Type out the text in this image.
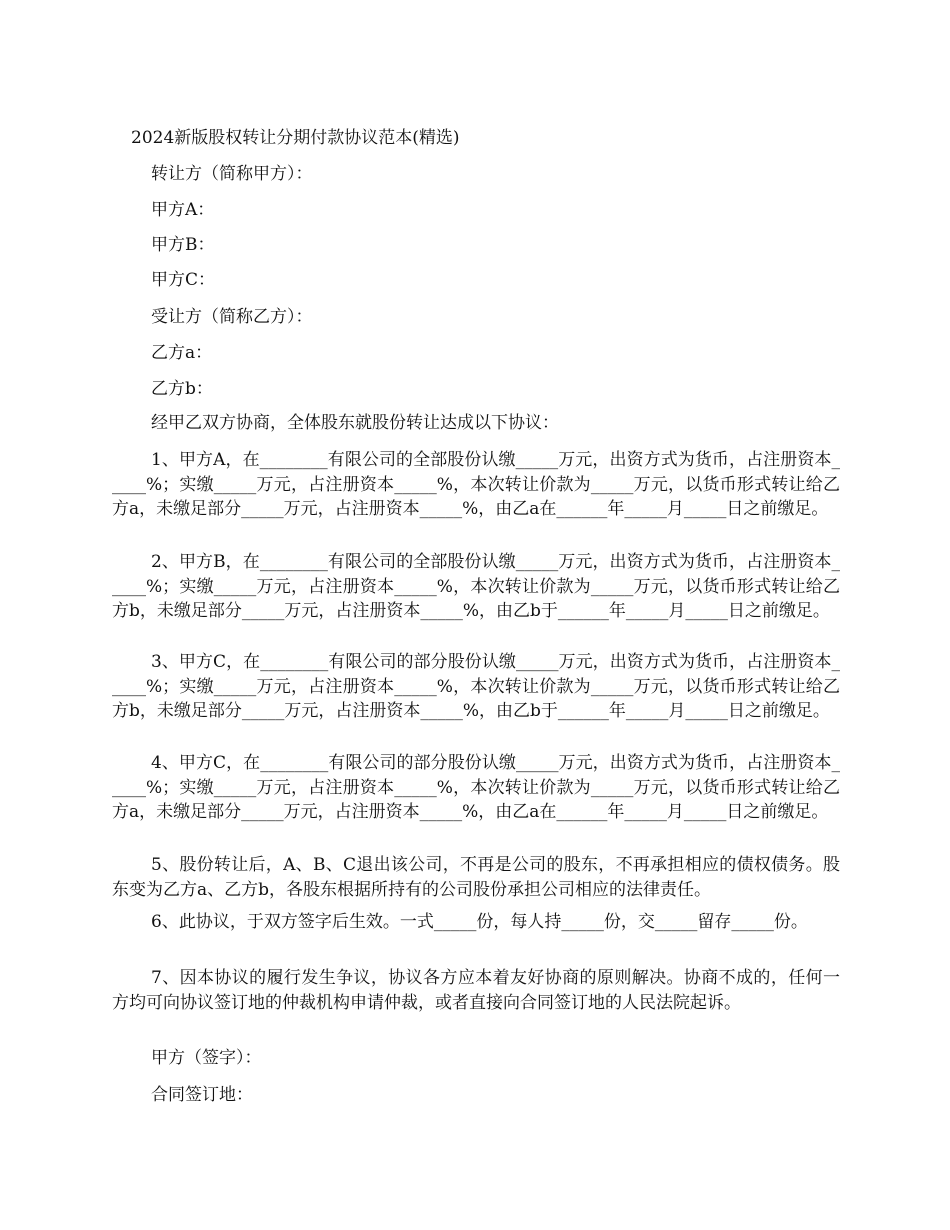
2024新版股权转让分期付款协议范本(精选)
转让方（简称甲方）：
甲方A：
甲方B：
甲方C：
受让方（简称乙方）：
乙方a：
乙方b：
经甲乙双方协商，全体股东就股份转让达成以下协议：

1、甲方A，在________有限公司的全部股份认缴_____万元，出资方式为货币，占注册资本_____%；实缴_____万元，占注册资本_____%，本次转让价款为_____万元，以货币形式转让给乙方a，未缴足部分_____万元，占注册资本_____%，由乙a在______年_____月_____日之前缴足。

2、甲方B，在________有限公司的全部股份认缴_____万元，出资方式为货币，占注册资本_____%；实缴_____万元，占注册资本_____%，本次转让价款为_____万元，以货币形式转让给乙方b，未缴足部分_____万元，占注册资本_____%，由乙b于______年_____月_____日之前缴足。

3、甲方C，在________有限公司的部分股份认缴_____万元，出资方式为货币，占注册资本_____%；实缴_____万元，占注册资本_____%，本次转让价款为_____万元，以货币形式转让给乙方b，未缴足部分_____万元，占注册资本_____%，由乙b于______年_____月_____日之前缴足。

4、甲方C，在________有限公司的部分股份认缴_____万元，出资方式为货币，占注册资本_____%；实缴_____万元，占注册资本_____%，本次转让价款为_____万元，以货币形式转让给乙方a，未缴足部分_____万元，占注册资本_____%，由乙a在______年_____月_____日之前缴足。

5、股份转让后，A、B、C退出该公司，不再是公司的股东，不再承担相应的债权债务。股东变为乙方a、乙方b，各股东根据所持有的公司股份承担公司相应的法律责任。

6、此协议，于双方签字后生效。一式_____份，每人持_____份，交_____留存_____份。

7、因本协议的履行发生争议，协议各方应本着友好协商的原则解决。协商不成的，任何一方均可向协议签订地的仲裁机构申请仲裁，或者直接向合同签订地的人民法院起诉。

甲方（签字）：
合同签订地：
